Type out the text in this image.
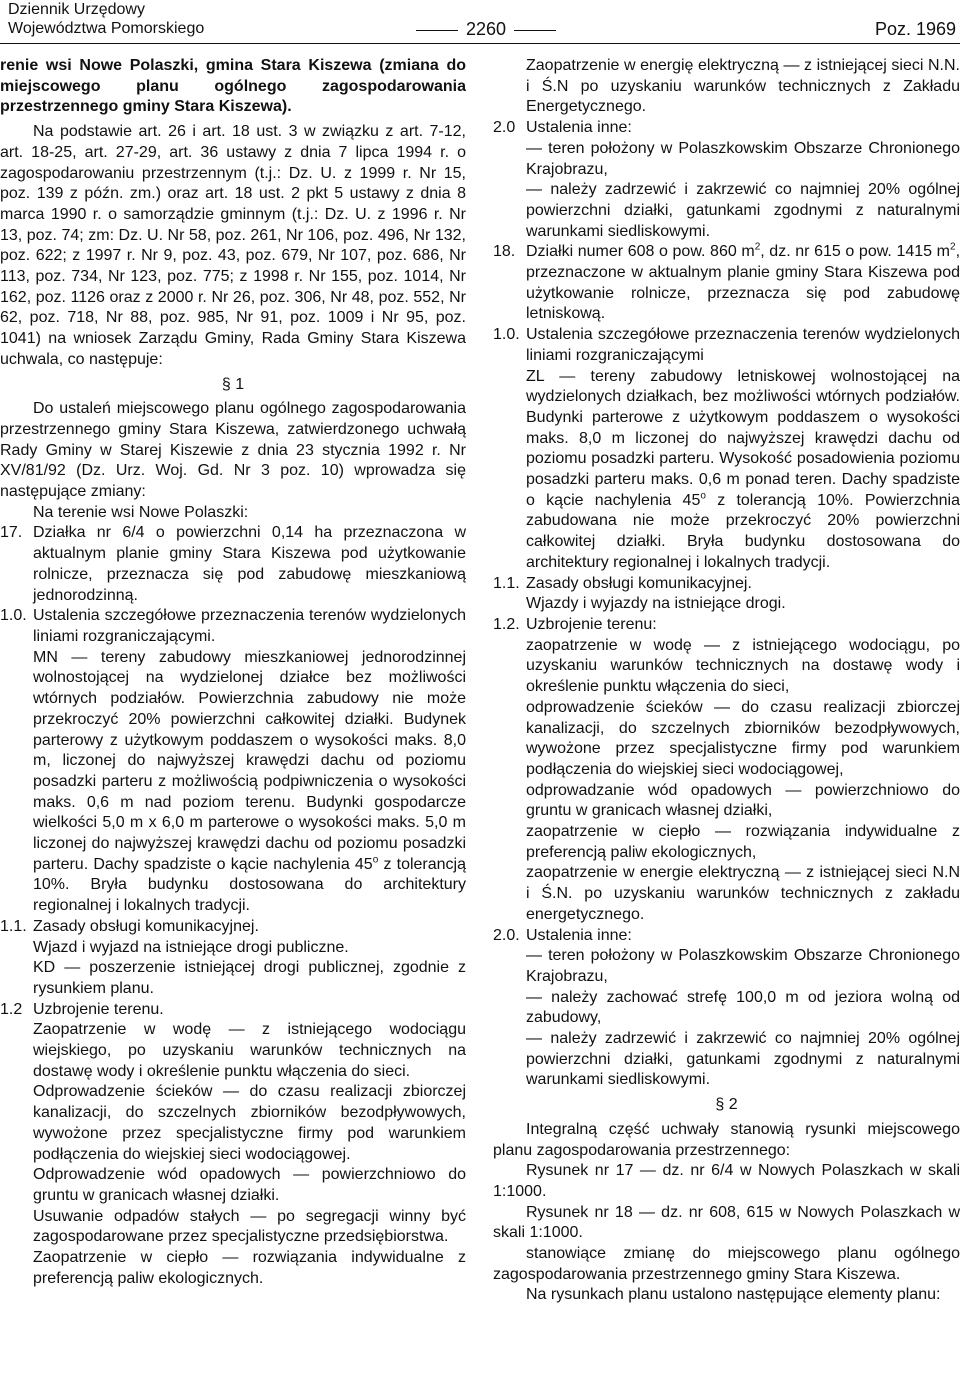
Dziennik Urzędowy
Województwa Pomorskiego	2260	Poz. 1969

renie wsi Nowe Polaszki, gmina Stara Kiszewa (zmiana do miejscowego planu ogólnego zagospodarowania przestrzennego gminy Stara Kiszewa).

Na podstawie art. 26 i art. 18 ust. 3 w związku z art. 7-12, art. 18-25, art. 27-29, art. 36 ustawy z dnia 7 lipca 1994 r. o zagospodarowaniu przestrzennym (t.j.: Dz. U. z 1999 r. Nr 15, poz. 139 z późn. zm.) oraz art. 18 ust. 2 pkt 5 ustawy z dnia 8 marca 1990 r. o samorządzie gminnym (t.j.: Dz. U. z 1996 r. Nr 13, poz. 74; zm: Dz. U. Nr 58, poz. 261, Nr 106, poz. 496, Nr 132, poz. 622; z 1997 r. Nr 9, poz. 43, poz. 679, Nr 107, poz. 686, Nr 113, poz. 734, Nr 123, poz. 775; z 1998 r. Nr 155, poz. 1014, Nr 162, poz. 1126 oraz z 2000 r. Nr 26, poz. 306, Nr 48, poz. 552, Nr 62, poz. 718, Nr 88, poz. 985, Nr 91, poz. 1009 i Nr 95, poz. 1041) na wniosek Zarządu Gminy, Rada Gminy Stara Kiszewa uchwala, co następuje:

§ 1

Do ustaleń miejscowego planu ogólnego zagospodarowania przestrzennego gminy Stara Kiszewa, zatwierdzonego uchwałą Rady Gminy w Starej Kiszewie z dnia 23 stycznia 1992 r. Nr XV/81/92 (Dz. Urz. Woj. Gd. Nr 3 poz. 10) wprowadza się następujące zmiany:

Na terenie wsi Nowe Polaszki:

17. Działka nr 6/4 o powierzchni 0,14 ha przeznaczona w aktualnym planie gminy Stara Kiszewa pod użytkowanie rolnicze, przeznacza się pod zabudowę mieszkaniową jednorodzinną.
1.0. Ustalenia szczegółowe przeznaczenia terenów wydzielonych liniami rozgraniczającymi.

MN — tereny zabudowy mieszkaniowej jednorodzinnej wolnostojącej na wydzielonej działce bez możliwości wtórnych podziałów. Powierzchnia zabudowy nie może przekroczyć 20% powierzchni całkowitej działki. Budynek parterowy z użytkowym poddaszem o wysokości maks. 8,0 m, liczonej do najwyższej krawędzi dachu od poziomu posadzki parteru z możliwością podpiwniczenia o wysokości maks. 0,6 m nad poziom terenu. Budynki gospodarcze wielkości 5,0 m x 6,0 m parterowe o wysokości maks. 5,0 m liczonej do najwyższej krawędzi dachu od poziomu posadzki parteru. Dachy spadziste o kącie nachylenia 45$^o$ z tolerancją 10%. Bryła budynku dostosowana do architektury regionalnej i lokalnych tradycji.

1.1. Zasady obsługi komunikacyjnej.

Wjazd i wyjazd na istniejące drogi publiczne.

KD — poszerzenie istniejącej drogi publicznej, zgodnie z rysunkiem planu.

1.2 Uzbrojenie terenu.

Zaopatrzenie w wodę — z istniejącego wodociągu wiejskiego, po uzyskaniu warunków technicznych na dostawę wody i określenie punktu włączenia do sieci.

Odprowadzenie ścieków — do czasu realizacji zbiorczej kanalizacji, do szczelnych zbiorników bezodpływowych, wywożone przez specjalistyczne firmy pod warunkiem podłączenia do wiejskiej sieci wodociągowej.

Odprowadzenie wód opadowych — powierzchniowo do gruntu w granicach własnej działki.

Usuwanie odpadów stałych — po segregacji winny być zagospodarowane przez specjalistyczne przedsiębiorstwa.

Zaopatrzenie w ciepło — rozwiązania indywidualne z preferencją paliw ekologicznych.

Zaopatrzenie w energię elektryczną — z istniejącej sieci N.N. i Ś.N po uzyskaniu warunków technicznych z Zakładu Energetycznego.

2.0 Ustalenia inne:

— teren położony w Polaszkowskim Obszarze Chronionego Krajobrazu,

— należy zadrzewić i zakrzewić co najmniej 20% ogólnej powierzchni działki, gatunkami zgodnymi z naturalnymi warunkami siedliskowymi.

18. Działki numer 608 o pow. 860 $m^2$, dz. nr 615 o pow. 1415 $m^2$, przeznaczone w aktualnym planie gminy Stara Kiszewa pod użytkowanie rolnicze, przeznacza się pod zabudowę letniskową.
1.0. Ustalenia szczegółowe przeznaczenia terenów wydzielonych liniami rozgraniczającymi

ZL — tereny zabudowy letniskowej wolnostojącej na wydzielonych działkach, bez możliwości wtórnych podziałów. Budynki parterowe z użytkowym poddaszem o wysokości maks. 8,0 m liczonej do najwyższej krawędzi dachu od poziomu posadzki parteru. Wysokość posadowienia poziomu posadzki parteru maks. 0,6 m ponad teren. Dachy spadziste o kącie nachylenia 45$^o$ z tolerancją 10%. Powierzchnia zabudowana nie może przekroczyć 20% powierzchni całkowitej działki. Bryła budynku dostosowana do architektury regionalnej i lokalnych tradycji.

1.1. Zasady obsługi komunikacyjnej.

Wjazdy i wyjazdy na istniejące drogi.

1.2. Uzbrojenie terenu:

zaopatrzenie w wodę — z istniejącego wodociągu, po uzyskaniu warunków technicznych na dostawę wody i określenie punktu włączenia do sieci,

odprowadzenie ścieków — do czasu realizacji zbiorczej kanalizacji, do szczelnych zbiorników bezodpływowych, wywożone przez specjalistyczne firmy pod warunkiem podłączenia do wiejskiej sieci wodociągowej,

odprowadzanie wód opadowych — powierzchniowo do gruntu w granicach własnej działki,

zaopatrzenie w ciepło — rozwiązania indywidualne z preferencją paliw ekologicznych,

zaopatrzenie w energie elektryczną — z istniejącej sieci N.N i Ś.N. po uzyskaniu warunków technicznych z zakładu energetycznego.

2.0. Ustalenia inne:

— teren położony w Polaszkowskim Obszarze Chronionego Krajobrazu,

— należy zachować strefę 100,0 m od jeziora wolną od zabudowy,

— należy zadrzewić i zakrzewić co najmniej 20% ogólnej powierzchni działki, gatunkami zgodnymi z naturalnymi warunkami siedliskowymi.

§ 2

Integralną część uchwały stanowią rysunki miejscowego planu zagospodarowania przestrzennego:

Rysunek nr 17 — dz. nr 6/4 w Nowych Polaszkach w skali 1:1000.

Rysunek nr 18 — dz. nr 608, 615 w Nowych Polaszkach w skali 1:1000.

stanowiące zmianę do miejscowego planu ogólnego zagospodarowania przestrzennego gminy Stara Kiszewa.

Na rysunkach planu ustalono następujące elementy planu:
